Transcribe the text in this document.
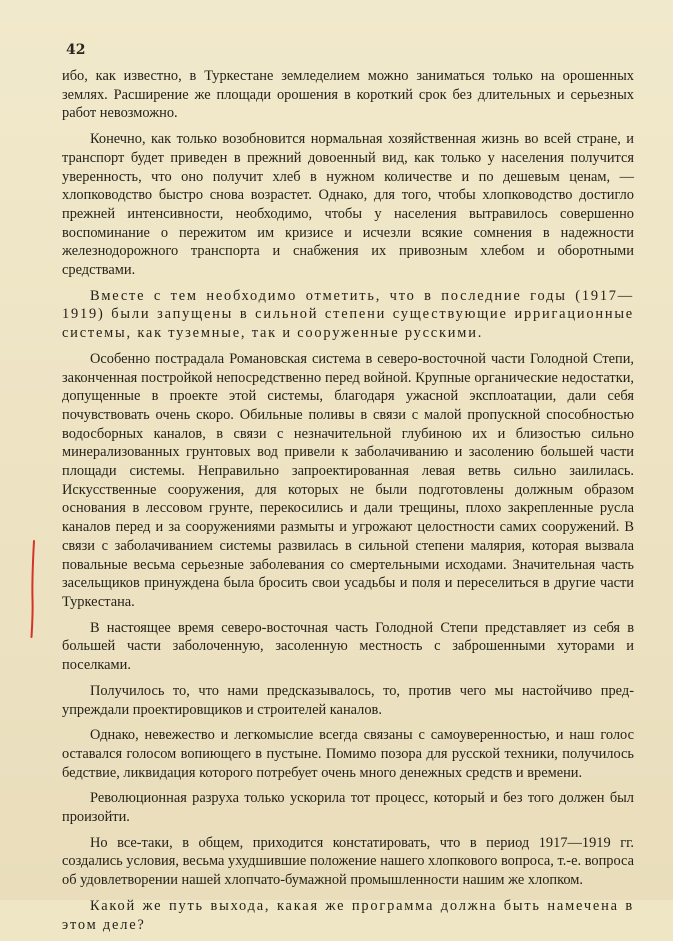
42

ибо, как известно, в Туркестане земледелием можно заниматься только на орошенных землях. Расширение же площади орошения в короткий срок без длительных и серьезных работ невозможно.

Конечно, как только возобновится нормальная хозяйственная жизнь во всей стране, и транспорт будет приведен в прежний довоенный вид, как только у населения получится уверенность, что оно получит хлеб в нужном количестве и по дешевым ценам, — хлопководство быстро снова возрастет. Однако, для того, чтобы хлопководство достигло прежней интенсивности, необходимо, чтобы у населения вытравилось совершенно воспоминание о пережитом им кризисе и исчезли всякие сомнения в надежности железнодорожного транспорта и снабжения их привозным хлебом и оборотными средствами.

Вместе с тем необходимо отметить, что в последние годы (1917—1919) были запущены в сильной степени существующие ирригационные системы, как туземные, так и сооруженные русскими.

Особенно пострадала Романовская система в северо-восточной части Голодной Степи, законченная постройкой непосредственно перед войной. Крупные органические недостатки, допущенные в проекте этой системы, благодаря ужасной эксплоатации, дали себя почувствовать очень скоро. Обильные поливы в связи с малой пропускной способностью водосборных каналов, в связи с незначительной глубиною их и близостью сильно минерализованных грунтовых вод привели к заболачиванию и засолению большей части площади системы. Неправильно запроектированная левая ветвь сильно заилилась. Искусственные сооружения, для которых не были подготовлены должным образом основания в лессовом грунте, перекосились и дали трещины, плохо закрепленные русла каналов перед и за сооружениями размыты и угрожают целостности самих сооружений. В связи с заболачиванием системы развилась в сильной степени малярия, которая вызвала повальные весьма серьезные заболевания со смертельными исходами. Значительная часть засельщиков принуждена была бросить свои усадьбы и поля и переселиться в другие части Туркестана.

В настоящее время северо-восточная часть Голодной Степи представляет из себя в большей части заболоченную, засоленную местность с заброшенными хуторами и поселками.

Получилось то, что нами предсказывалось, то, против чего мы настойчиво предупреждали проектировщиков и строителей каналов.

Однако, невежество и легкомыслие всегда связаны с самоуверенностью, и наш голос оставался голосом вопиющего в пустыне. Помимо позора для русской техники, получилось бедствие, ликвидация которого потребует очень много денежных средств и времени.

Революционная разруха только ускорила тот процесс, который и без того должен был произойти.

Но все-таки, в общем, приходится констатировать, что в период 1917—1919 гг. создались условия, весьма ухудшившие положение нашего хлопкового вопроса, т.-е. вопроса об удовлетворении нашей хлопчато-бумажной промышленности нашим же хлопком.

Какой же путь выхода, какая же программа должна быть намечена в этом деле?
